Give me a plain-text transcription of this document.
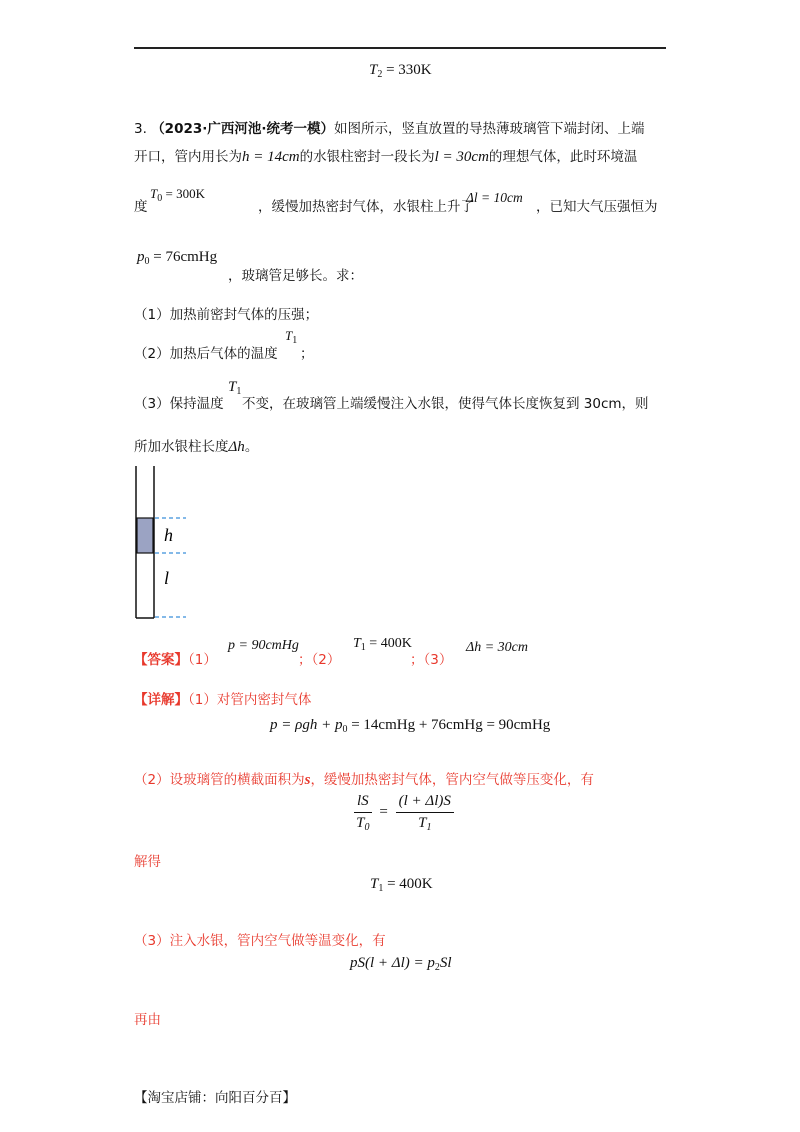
$T_2 = 330K$
3. （2023·广西河池·统考一模）如图所示，竖直放置的导热薄玻璃管下端封闭、上端
开口，管内用长为h = 14cm的水银柱密封一段长为l = 30cm的理想气体，此时环境温
度
$T_0 = 300K$
，缓慢加热密封气体，水银柱上升了
Δl = 10cm
，已知大气压强恒为
$p_0$ = 76cmHg
，玻璃管足够长。求：
（1）加热前密封气体的压强；
（2）加热后气体的温度
$T_1$
；
（3）保持温度
$T_1$
不变，在玻璃管上端缓慢注入水银，使得气体长度恢复到 30cm，则
所加水银柱长度Δh。
h
l
【答案】（1）
p = 90cmHg
；（2）
$T_1 = 400K$
；（3）
Δh = 30cm
【详解】（1）对管内密封气体
$p = \rho gh + p_0$ = 14cmHg + 76cmHg = 90cmHg
（2）设玻璃管的横截面积为s，缓慢加热密封气体，管内空气做等压变化，有
$\frac{lS}{T_0} = \frac{(l + \Delta l)S}{T_1}$
解得
$T_1 = 400K$
（3）注入水银，管内空气做等温变化，有
$pS(l + \Delta l) = p_2Sl$
再由
【淘宝店铺：向阳百分百】
